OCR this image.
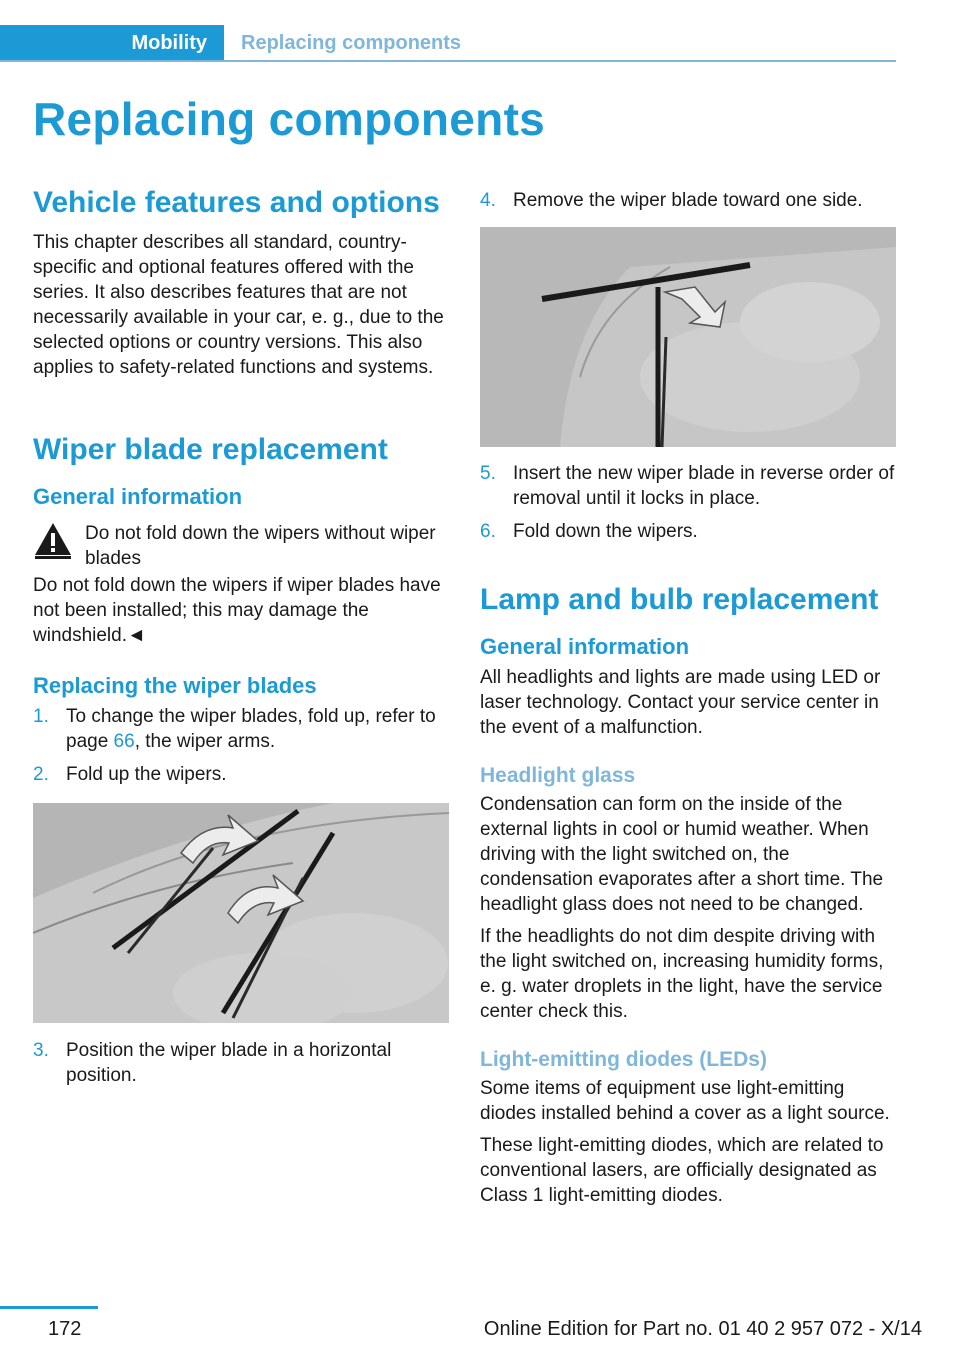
Mobility	Replacing components
Replacing components
Vehicle features and options

This chapter describes all standard, country-specific and optional features offered with the series. It also describes features that are not necessarily available in your car, e. g., due to the selected options or country versions. This also applies to safety-related functions and systems.

Wiper blade replacement
General information
Do not fold down the wipers without wiper blades

Do not fold down the wipers if wiper blades have not been installed; this may damage the windshield.◄

Replacing the wiper blades
1. To change the wiper blades, fold up, refer to page 66, the wiper arms.
2. Fold up the wipers.
3. Position the wiper blade in a horizontal position.
4. Remove the wiper blade toward one side.
5. Insert the new wiper blade in reverse order of removal until it locks in place.
6. Fold down the wipers.
Lamp and bulb replacement
General information

All headlights and lights are made using LED or laser technology. Contact your service center in the event of a malfunction.

Headlight glass

Condensation can form on the inside of the external lights in cool or humid weather. When driving with the light switched on, the condensation evaporates after a short time. The headlight glass does not need to be changed.

If the headlights do not dim despite driving with the light switched on, increasing humidity forms, e. g. water droplets in the light, have the service center check this.

Light-emitting diodes (LEDs)

Some items of equipment use light-emitting diodes installed behind a cover as a light source.

These light-emitting diodes, which are related to conventional lasers, are officially designated as Class 1 light-emitting diodes.

172	Online Edition for Part no. 01 40 2 957 072 - X/14
